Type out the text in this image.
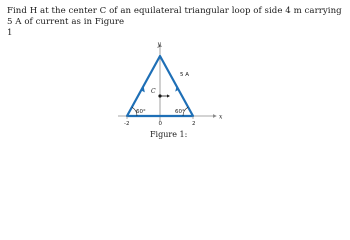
Find H at the center C of an equilateral triangular loop of side 4 m carrying 5 A of current as in Figure
1
y
x
C
5 A
60°	60°
-2	0	2
Figure 1:
